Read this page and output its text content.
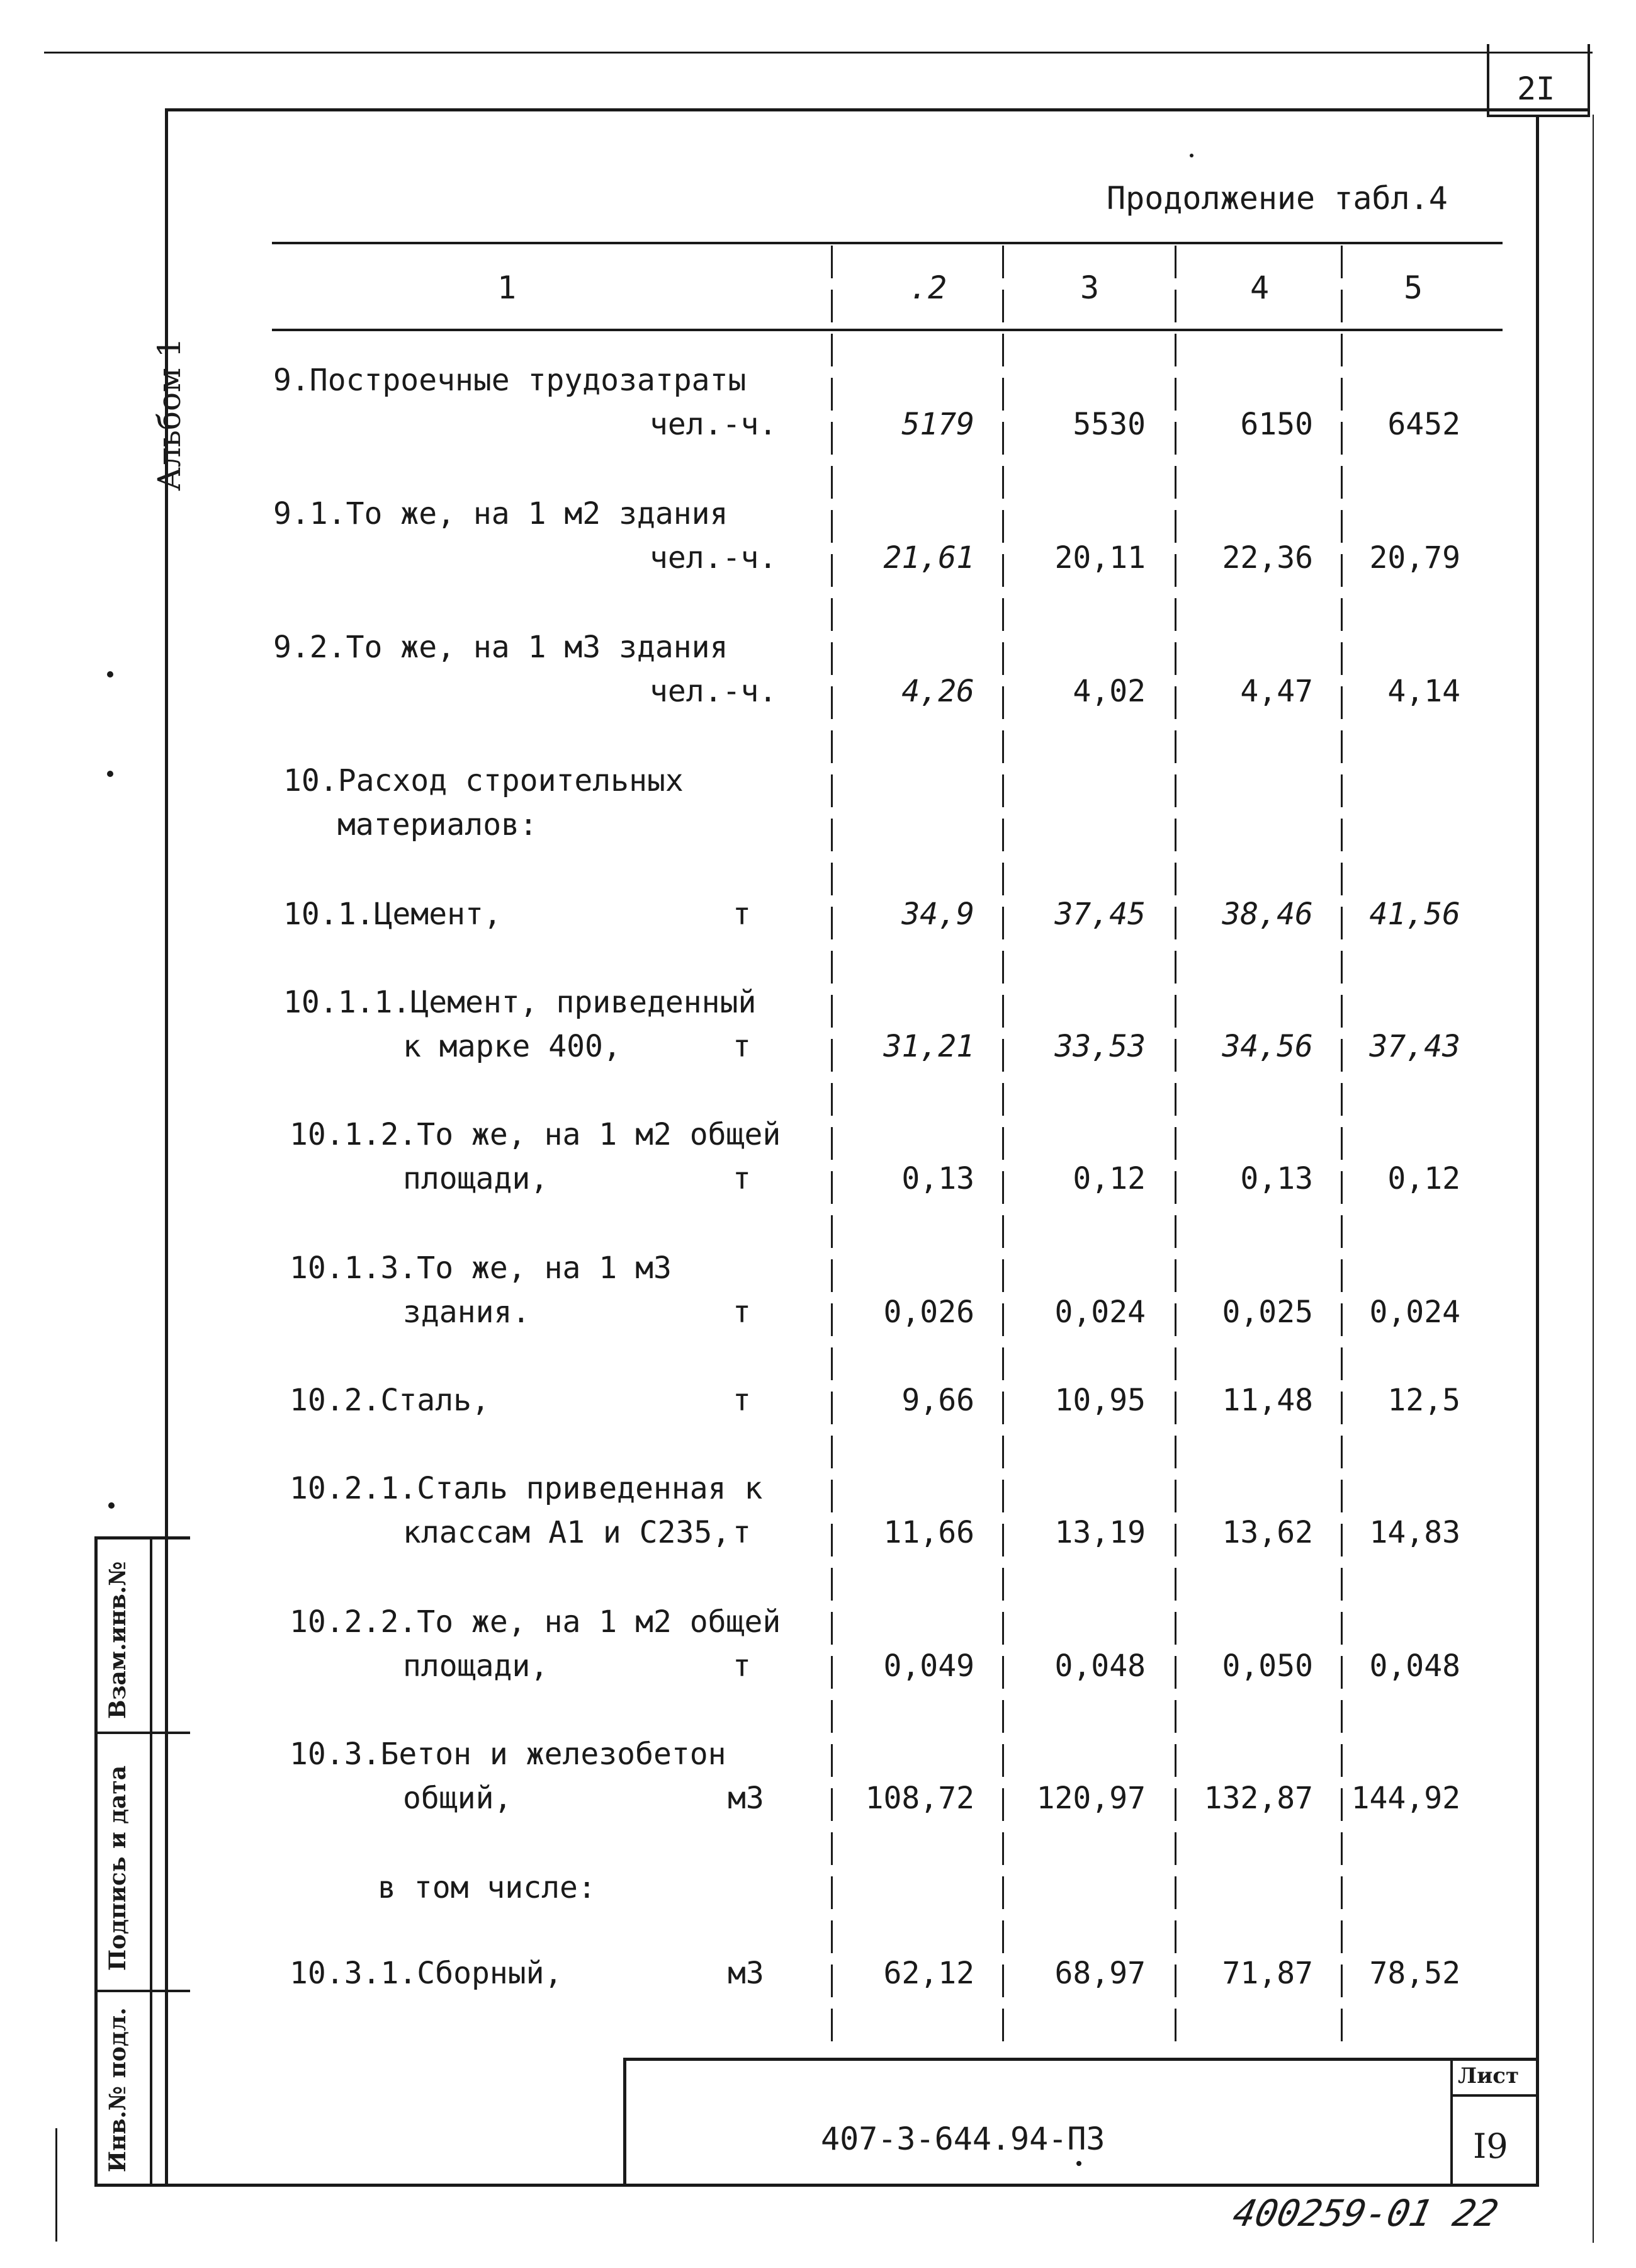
2I
Альбом 1
Продолжение табл.4
1	.2	3	4	5
9.Построечные трудозатраты
чел.-ч.	5179	5530	6150 6452
9.1.То же, на 1 м2 здания
чел.-ч.	21,61	20,11	22,36 20,79
9.2.То же, на 1 м3 здания
чел.-ч.	4,26	4,02	4,47 4,14
10.Расход строительных
материалов:
10.1.Цемент,	т	34,9	37,45	38,46 41,56
10.1.1.Цемент, приведенный
к марке 400,	т	31,21	33,53	34,56 37,43
10.1.2.То же, на 1 м2 общей
площади,	т	0,13	0,12	0,13 0,12
10.1.3.То же, на 1 м3
здания.	т	0,026	0,024	0,025 0,024
10.2.Сталь,	т	9,66	10,95	11,48 12,5
10.2.1.Сталь приведенная к
классам А1 и С235, т	11,66	13,19	13,62 14,83
10.2.2.То же, на 1 м2 общей
площади,	т	0,049	0,048	0,050 0,048
10.3.Бетон и железобетон
общий,	м3	108,72 120,97 132,87 144,92
в том числе:
10.3.1.Сборный,	м3	62,12	68,97	71,87 78,52
Лист
I9
407-3-644.94-ПЗ
Взам.инв.№
Подпись и дата
Инв.№ подл.
400259-01 22
